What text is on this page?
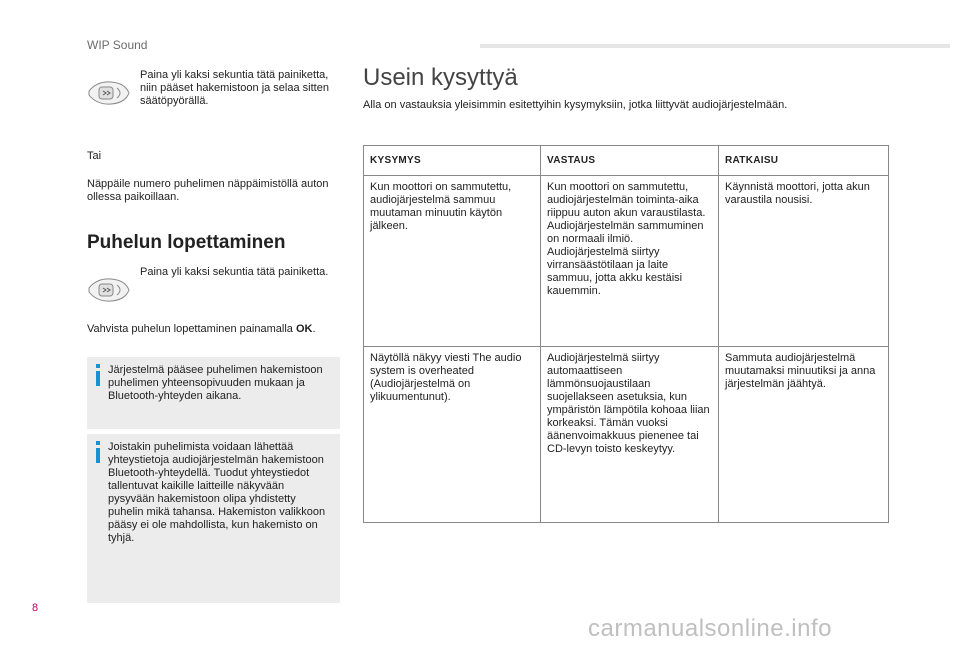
WIP Sound
Paina yli kaksi sekuntia tätä painiketta, niin pääset hakemistoon ja selaa sitten säätöpyörällä.
Tai
Näppäile numero puhelimen näppäimistöllä auton ollessa paikoillaan.
Puhelun lopettaminen
Paina yli kaksi sekuntia tätä painiketta.
Vahvista puhelun lopettaminen painamalla OK.
Järjestelmä pääsee puhelimen hakemistoon puhelimen yhteensopivuuden mukaan ja Bluetooth-yhteyden aikana.
Joistakin puhelimista voidaan lähettää yhteystietoja audiojärjestelmän hakemistoon Bluetooth-yhteydellä. Tuodut yhteystiedot tallentuvat kaikille laitteille näkyvään pysyvään hakemistoon olipa yhdistetty puhelin mikä tahansa. Hakemiston valikkoon pääsy ei ole mahdollista, kun hakemisto on tyhjä.
Usein kysyttyä
Alla on vastauksia yleisimmin esitettyihin kysymyksiin, jotka liittyvät audiojärjestelmään.
KYSYMYS	VASTAUS	RATKAISU
Kun moottori on sammutettu, audiojärjestelmä sammuu muutaman minuutin käytön jälkeen.	Kun moottori on sammutettu, audiojärjestelmän toiminta-aika riippuu auton akun varaustilasta. Audiojärjestelmän sammuminen on normaali ilmiö. Audiojärjestelmä siirtyy virransäästötilaan ja laite sammuu, jotta akku kestäisi kauemmin.	Käynnistä moottori, jotta akun varaustila nousisi.
Näytöllä näkyy viesti The audio system is overheated (Audiojärjestelmä on ylikuumentunut).	Audiojärjestelmä siirtyy automaattiseen lämmönsuojaustilaan suojellakseen asetuksia, kun ympäristön lämpötila kohoaa liian korkeaksi. Tämän vuoksi äänenvoimakkuus pienenee tai CD-levyn toisto keskeytyy.	Sammuta audiojärjestelmä muutamaksi minuutiksi ja anna järjestelmän jäähtyä.
8
carmanualsonline.info
